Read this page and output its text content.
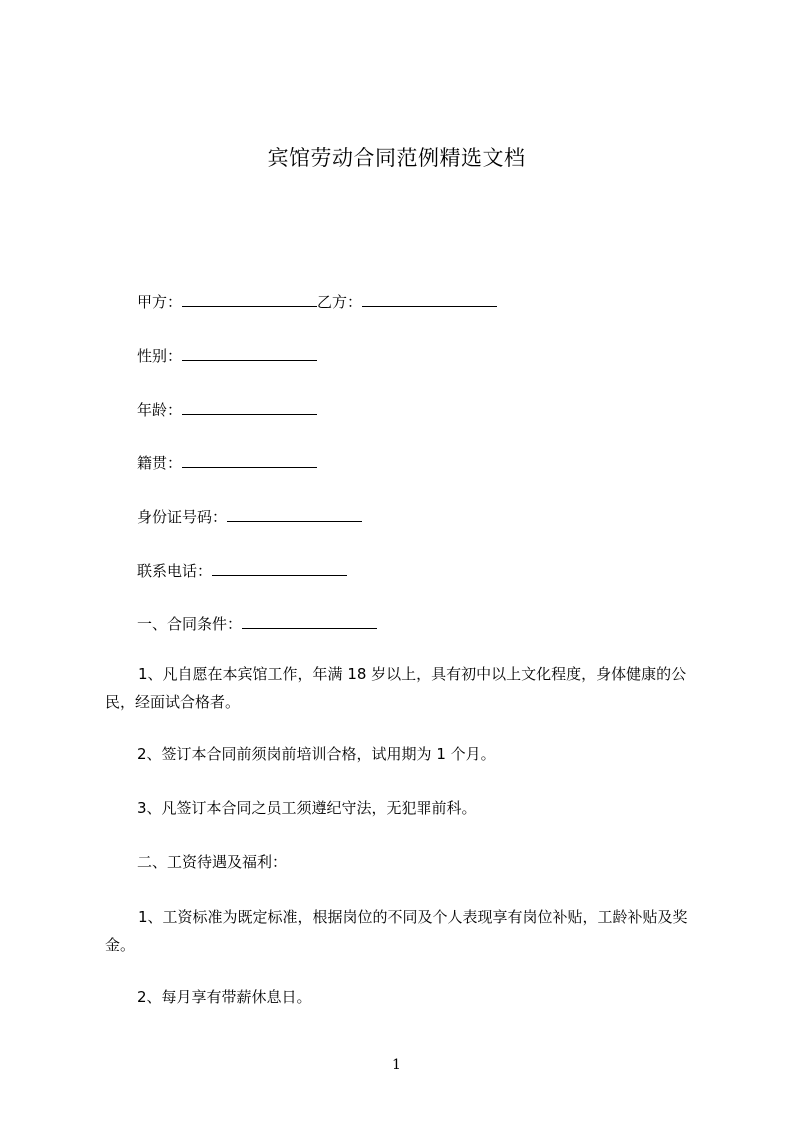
宾馆劳动合同范例精选文档
甲方：	乙方：
性别：
年龄：
籍贯：
身份证号码：
联系电话：
一、合同条件：
1、凡自愿在本宾馆工作，年满 18 岁以上，具有初中以上文化程度，身体健康的公民，经面试合格者。
2、签订本合同前须岗前培训合格，试用期为 1 个月。
3、凡签订本合同之员工须遵纪守法，无犯罪前科。
二、工资待遇及福利：
1、工资标准为既定标准，根据岗位的不同及个人表现享有岗位补贴，工龄补贴及奖金。
2、每月享有带薪休息日。
1
